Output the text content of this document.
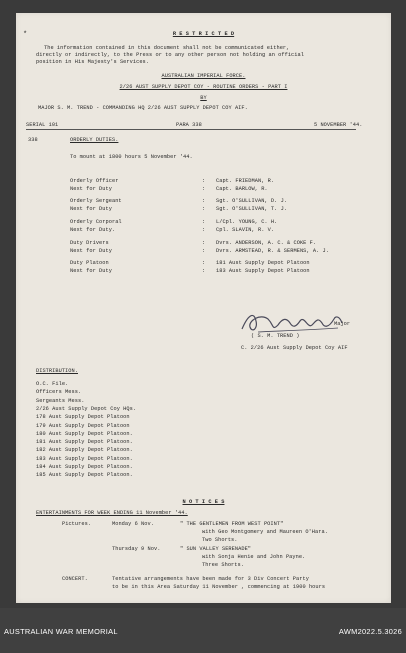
R E S T R I C T E D
The information contained in this document shall not be communicated either,
directly or indirectly, to the Press or to any other person not holding an official
position in His Majesty's Services.
AUSTRALIAN IMPERIAL FORCE.
2/26 AUST SUPPLY DEPOT COY - ROUTINE ORDERS - PART I
BY
MAJOR S. M. TREND - COMMANDING HQ 2/26 AUST SUPPLY DEPOT COY AIF.
SERIAL 101	PARA 338	5 NOVEMBER '44.
338	ORDERLY DUTIES.
To mount at 1800 hours 5 November '44.
Orderly Officer	: Capt. FRIEDMAN, R.
Next for Duty	: Capt. BARLOW, R.
Orderly Sergeant	: Sgt. O'SULLIVAN, D. J.
Next for Duty	: Sgt. O'SULLIVAN, T. J.
Orderly Corporal	: L/Cpl. YOUNG, C. H.
Next for Duty.	: Cpl. SLAVIN, R. V.
Duty Drivers	: Dvrs. ANDERSON, A. C. & COKE F.
Next for Duty	: Dvrs. ARMSTEAD, R. & SERMENS, A. J.
Duty Platoon	: 181 Aust Supply Depot Platoon
Next for Duty	: 183 Aust Supply Depot Platoon
Major
( S. M. TREND )
C. 2/26 Aust Supply Depot Coy AIF
DISTRIBUTION.
O.C. File.
Officers Mess.
Sergeants Mess.
2/26 Aust Supply Depot Coy HQs.
178 Aust Supply Depot Platoon
179 Aust Supply Depot Platoon
180 Aust Supply Depot Platoon.
181 Aust Supply Depot Platoon.
182 Aust Supply Depot Platoon.
183 Aust Supply Depot Platoon.
184 Aust Supply Depot Platoon.
185 Aust Supply Depot Platoon.
N O T I C E S
ENTERTAINMENTS FOR WEEK ENDING 11 November '44.
Pictures.	Monday 6 Nov.	" THE GENTLEMEN FROM WEST POINT"
with Geo Montgomery and Maureen O'Hara.
Two Shorts.
Thursday 9 Nov.	" SUN VALLEY SERENADE"
with Sonja Henie and John Payne.
Three Shorts.
CONCERT.	Tentative arrangements have been made for 3 Div Concert Party
to be in this Area Saturday 11 November , commencing at 1900 hours
*
AUSTRALIAN WAR MEMORIAL	AWM2022.5.3026
